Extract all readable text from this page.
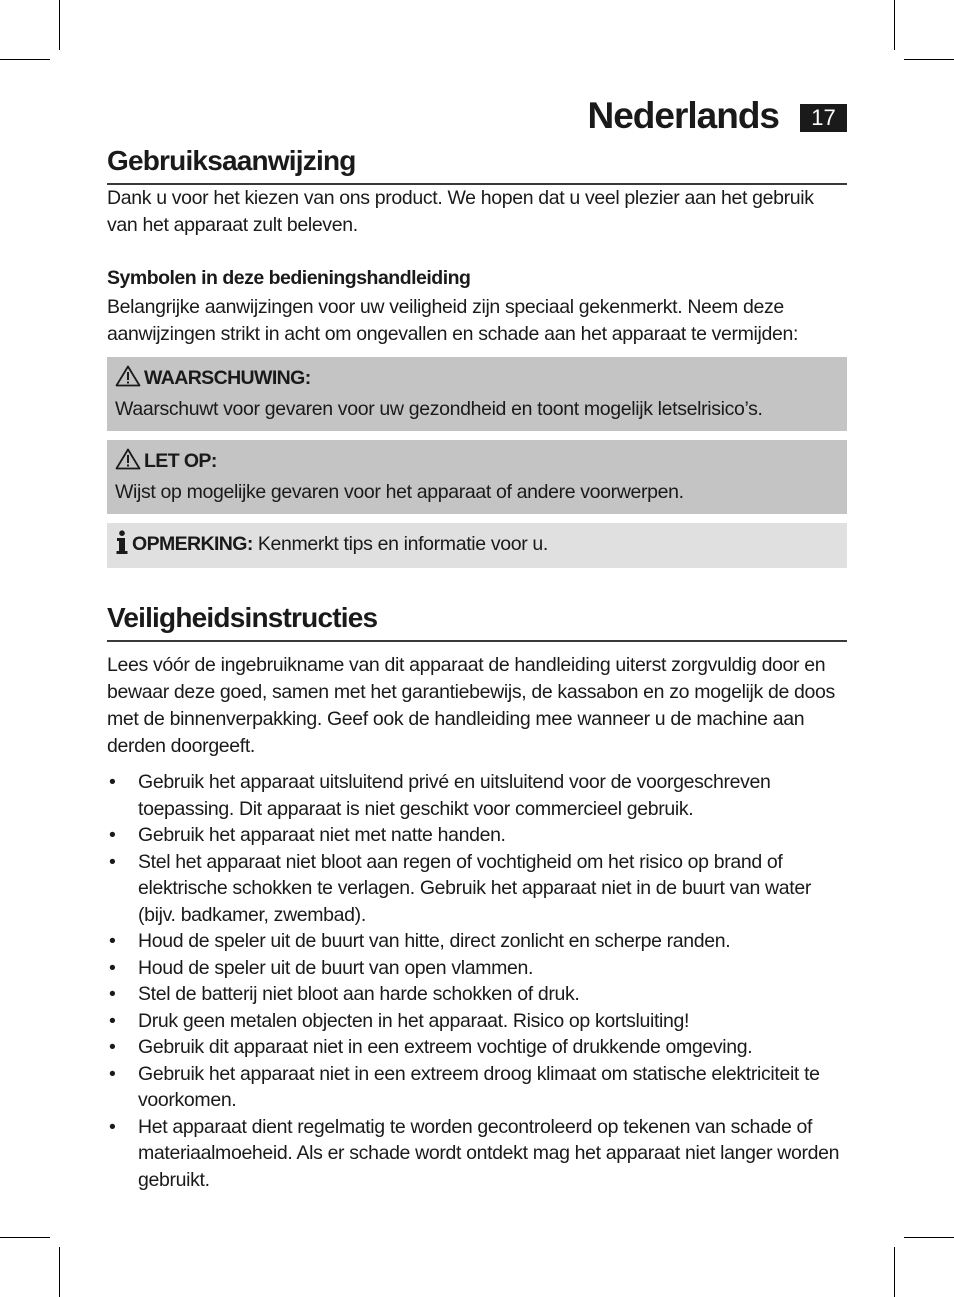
Nederlands	17
Gebruiksaanwijzing

Dank u voor het kiezen van ons product. We hopen dat u veel plezier aan het gebruik van het apparaat zult beleven.

Symbolen in deze bedieningshandleiding

Belangrijke aanwijzingen voor uw veiligheid zijn speciaal gekenmerkt. Neem deze aanwijzingen strikt in acht om ongevallen en schade aan het apparaat te vermijden:

WAARSCHUWING:
Waarschuwt voor gevaren voor uw gezondheid en toont mogelijk letselrisico’s.
LET OP:
Wijst op mogelijke gevaren voor het apparaat of andere voorwerpen.
OPMERKING: Kenmerkt tips en informatie voor u.
Veiligheidsinstructies

Lees vóór de ingebruikname van dit apparaat de handleiding uiterst zorgvuldig door en bewaar deze goed, samen met het garantiebewijs, de kassabon en zo mogelijk de doos met de binnenverpakking. Geef ook de handleiding mee wanneer u de machine aan derden doorgeeft.

• Gebruik het apparaat uitsluitend privé en uitsluitend voor de voorgeschreven toepassing. Dit apparaat is niet geschikt voor commercieel gebruik.
• Gebruik het apparaat niet met natte handen.
• Stel het apparaat niet bloot aan regen of vochtigheid om het risico op brand of elektrische schokken te verlagen. Gebruik het apparaat niet in de buurt van water (bijv. badkamer, zwembad).
• Houd de speler uit de buurt van hitte, direct zonlicht en scherpe randen.
• Houd de speler uit de buurt van open vlammen.
• Stel de batterij niet bloot aan harde schokken of druk.
• Druk geen metalen objecten in het apparaat. Risico op kortsluiting!
• Gebruik dit apparaat niet in een extreem vochtige of drukkende omgeving.
• Gebruik het apparaat niet in een extreem droog klimaat om statische elektriciteit te voorkomen.
• Het apparaat dient regelmatig te worden gecontroleerd op tekenen van schade of materiaalmoeheid. Als er schade wordt ontdekt mag het apparaat niet langer worden gebruikt.
